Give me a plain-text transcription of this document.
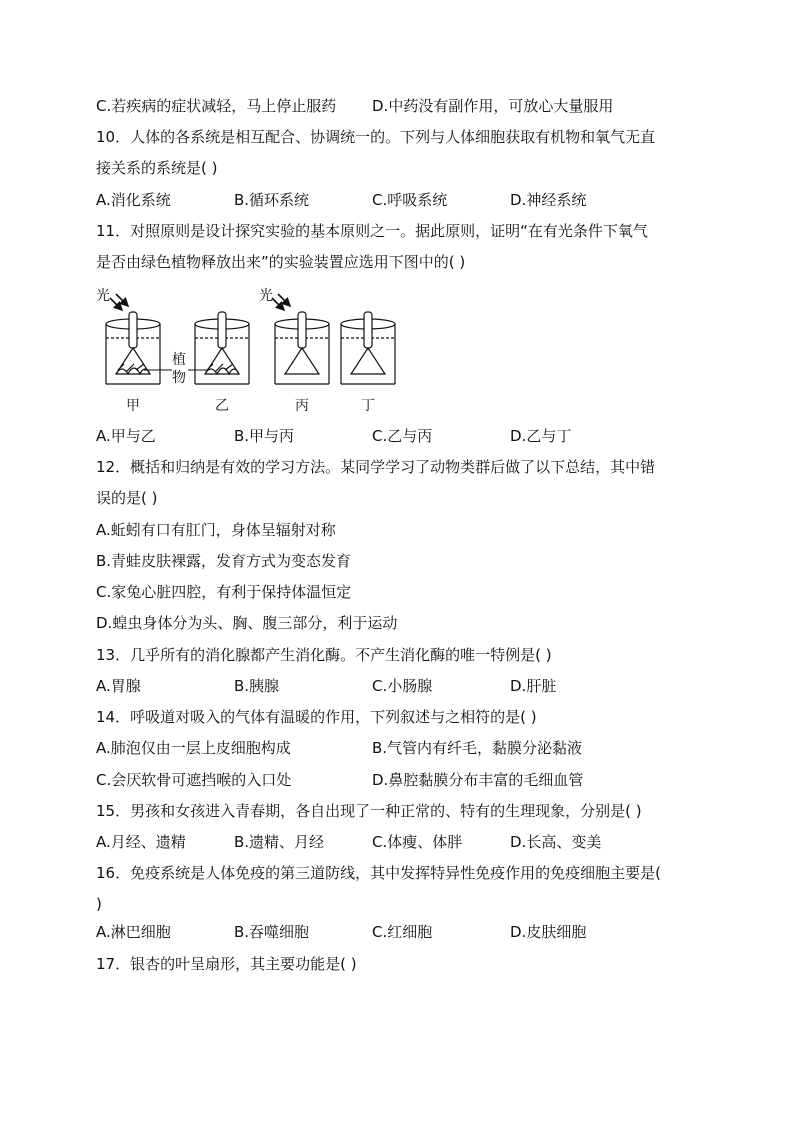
C.若疾病的症状减轻，马上停止服药 D.中药没有副作用，可放心大量服用
10．人体的各系统是相互配合、协调统一的。下列与人体细胞获取有机物和氧气无直
接关系的系统是( )
A.消化系统	B.循环系统	C.呼吸系统	D.神经系统
11．对照原则是设计探究实验的基本原则之一。据此原则，证明“在有光条件下氧气
是否由绿色植物释放出来”的实验装置应选用下图中的( )
光
植
物
光
甲	乙	丙	丁
A.甲与乙	B.甲与丙	C.乙与丙	D.乙与丁
12．概括和归纳是有效的学习方法。某同学学习了动物类群后做了以下总结，其中错
误的是( )
A.蚯蚓有口有肛门，身体呈辐射对称
B.青蛙皮肤裸露，发育方式为变态发育
C.家兔心脏四腔，有利于保持体温恒定
D.蝗虫身体分为头、胸、腹三部分，利于运动
13．几乎所有的消化腺都产生消化酶。不产生消化酶的唯一特例是( )
A.胃腺	B.胰腺	C.小肠腺	D.肝脏
14．呼吸道对吸入的气体有温暖的作用，下列叙述与之相符的是( )
A.肺泡仅由一层上皮细胞构成	B.气管内有纤毛，黏膜分泌黏液
C.会厌软骨可遮挡喉的入口处	D.鼻腔黏膜分布丰富的毛细血管
15．男孩和女孩进入青春期，各自出现了一种正常的、特有的生理现象，分别是( )
A.月经、遗精	B.遗精、月经	C.体瘦、体胖	D.长高、变美
16．免疫系统是人体免疫的第三道防线，其中发挥特异性免疫作用的免疫细胞主要是(
)
A.淋巴细胞	B.吞噬细胞	C.红细胞	D.皮肤细胞
17．银杏的叶呈扇形，其主要功能是( )
